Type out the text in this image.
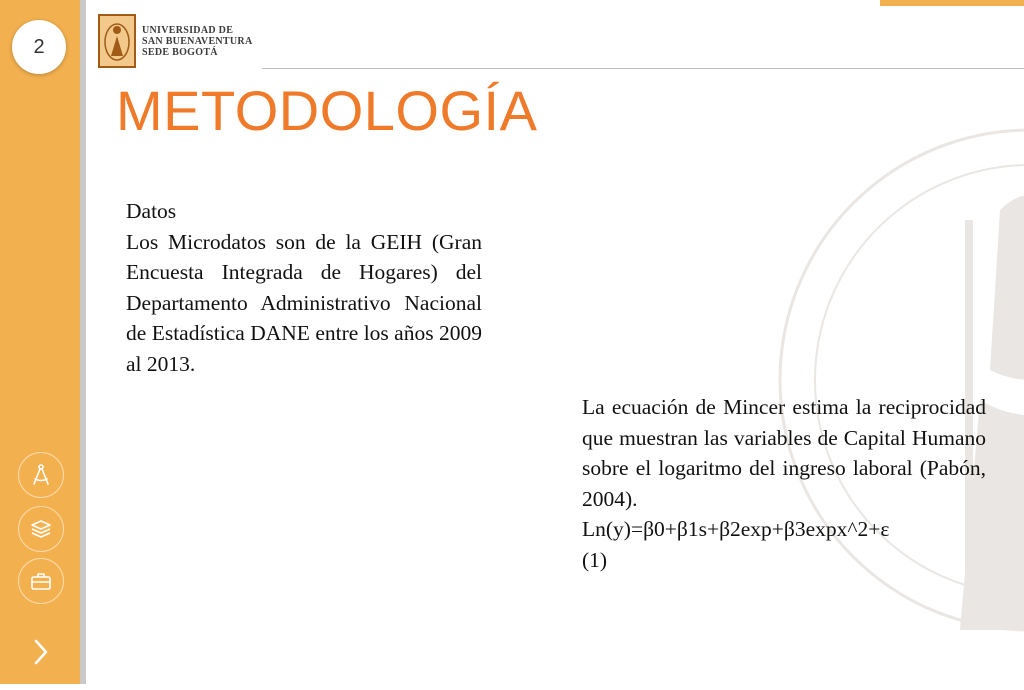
2
UNIVERSIDAD DE
SAN BUENAVENTURA
SEDE BOGOTÁ
METODOLOGÍA

Datos

Los Microdatos son de la GEIH (Gran Encuesta Integrada de Hogares) del Departamento Administrativo Nacional de Estadística DANE entre los años 2009 al 2013.

La ecuación de Mincer estima la reciprocidad que muestran las variables de Capital Humano sobre el logaritmo del ingreso laboral (Pabón, 2004).

Ln(y)=β0+β1s+β2exp+β3expx^2+ε

(1)
